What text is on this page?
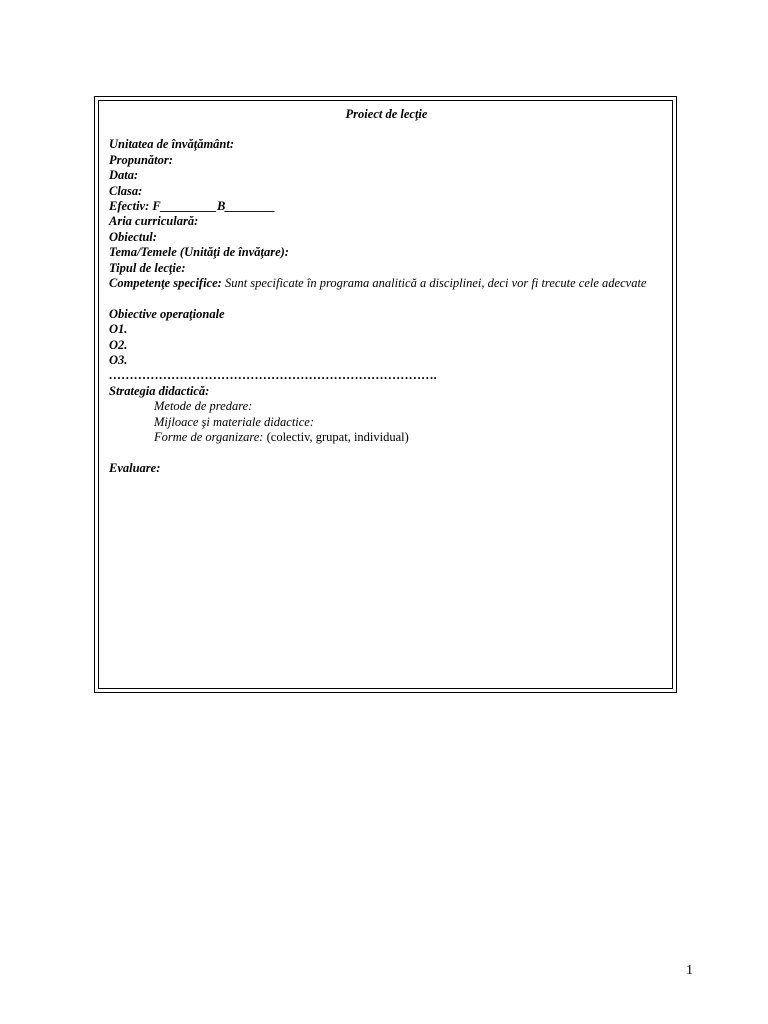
Proiect de lecţie
Unitatea de învăţământ:
Propunător:
Data:
Clasa:
Efectiv: F_________B________
Aria curriculară:
Obiectul:
Tema/Temele (Unităţi de învăţare):
Tipul de lecţie:
Competenţe specifice: Sunt specificate în programa analitică a disciplinei, deci vor fi trecute cele adecvate
Obiective operaţionale
O1.
O2.
O3.
…………………………………………………………………….
Strategia didactică:
Metode de predare:
Mijloace şi materiale didactice:
Forme de organizare: (colectiv, grupat, individual)
Evaluare:
1
